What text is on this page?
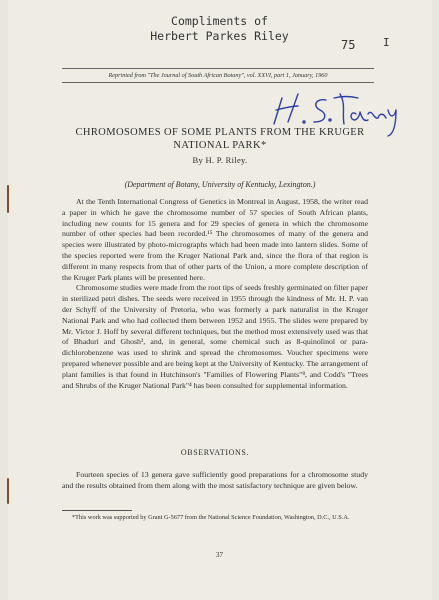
Compliments of
Herbert Parkes Riley
75	I
Reprinted from "The Journal of South African Botany", vol. XXVI, part 1, January, 1960
CHROMOSOMES OF SOME PLANTS FROM THE KRUGER NATIONAL PARK*
By H. P. Riley.
(Department of Botany, University of Kentucky, Lexington.)

At the Tenth International Congress of Genetics in Montreal in August, 1958, the writer read a paper in which he gave the chromosome number of 57 species of South African plants, including new counts for 15 genera and for 29 species of genera in which the chromosome number of other species had been recorded.¹⁵ The chromosomes of many of the genera and species were illustrated by photo-micrographs which had been made into lantern slides. Some of the species reported were from the Kruger National Park and, since the flora of that region is different in many respects from that of other parts of the Union, a more complete description of the Kruger Park plants will be presented here.

Chromosome studies were made from the root tips of seeds freshly germinated on filter paper in sterilized petri dishes. The seeds were received in 1955 through the kindness of Mr. H. P. van der Schyff of the University of Pretoria, who was formerly a park naturalist in the Kruger National Park and who had collected them between 1952 and 1955. The slides were prepared by Mr. Victor J. Hoff by several different techniques, but the method most extensively used was that of Bhaduri and Ghosh³, and, in general, some chemical such as 8-quinolinol or para-dichlorobenzene was used to shrink and spread the chromosomes. Voucher specimens were prepared whenever possible and are being kept at the University of Kentucky. The arrangement of plant families is that found in Hutchinson's "Families of Flowering Plants"⁸, and Codd's "Trees and Shrubs of the Kruger National Park"⁴ has been consulted for supplemental information.

OBSERVATIONS.

Fourteen species of 13 genera gave sufficiently good preparations for a chromosome study and the results obtained from them along with the most satisfactory technique are given below.

*This work was supported by Grant G-5677 from the National Science Foundation, Washington, D.C., U.S.A.

37
